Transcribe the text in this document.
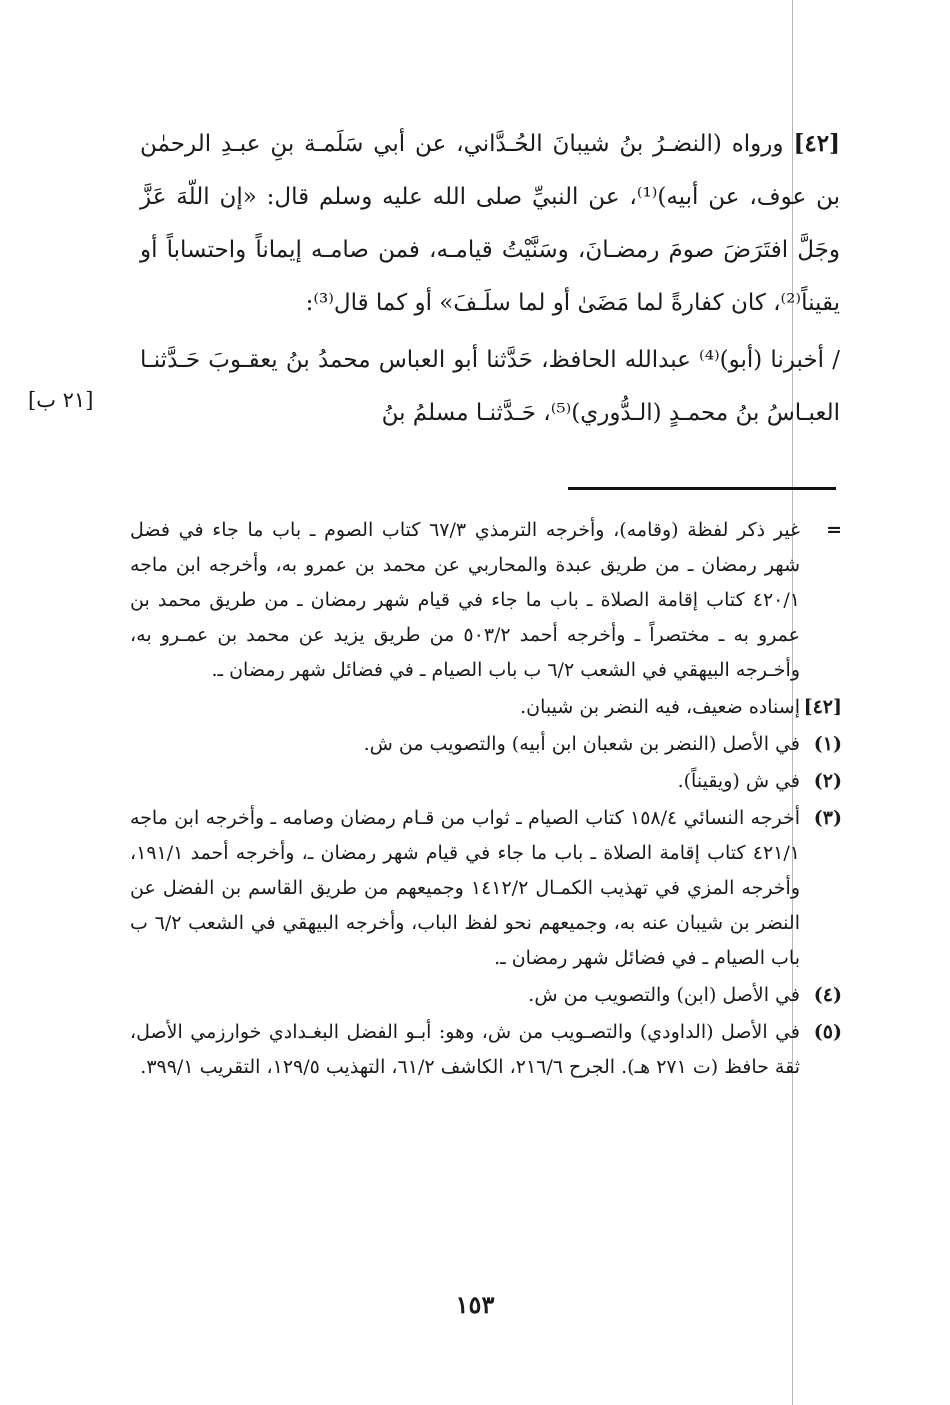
[٤٢]ورواه (النضـرُ بنُ شيبانَ الحُـدَّاني، عن أبي سَلَمـة بنِ عبـدِ الرحمٰن بن عوف، عن أبيه)⁽¹⁾، عن النبيِّ صلى الله عليه وسلم قال: «إن اللّهَ عَزَّ وجَلَّ افتَرَضَ صومَ رمضـانَ، وسَنَّيْتُ قيامـه، فمن صامـه إيماناً واحتساباً أو يقيناً⁽²⁾، كان كفارةً لما مَضَىٰ أو لما سلَـفَ» أو كما قال⁽³⁾:

/ أخبرنا (أبو)⁽⁴⁾ عبدالله الحافظ، حَدَّثنا أبو العباس محمدُ بنُ يعقـوبَ حَـدَّثنـا العبـاسُ بنُ محمـدٍ (الـدُّوري)⁽⁵⁾، حَـدَّثنـا مسلمُ بنُ

[٢١ ب]
=
غير ذكر لفظة (وقامه)، وأخرجه الترمذي ٦٧/٣ كتاب الصوم ـ باب ما جاء في فضل شهر رمضان ـ من طريق عبدة والمحاربي عن محمد بن عمرو به، وأخرجه ابن ماجه ٤٢٠/١ كتاب إقامة الصلاة ـ باب ما جاء في قيام شهر رمضان ـ من طريق محمد بن عمرو به ـ مختصراً ـ وأخرجه أحمد ٥٠٣/٢ من طريق يزيد عن محمد بن عمـرو به، وأخـرجه البيهقي في الشعب ٦/٢ ب باب الصيام ـ في فضائل شهر رمضان ـ.
[٤٢]
إسناده ضعيف، فيه النضر بن شيبان.
(١)
في الأصل (النضر بن شعبان ابن أبيه) والتصويب من ش.
(٢)
في ش (ويقيناً).
(٣)
أخرجه النسائي ١٥٨/٤ كتاب الصيام ـ ثواب من قـام رمضان وصامه ـ وأخرجه ابن ماجه ٤٢١/١ كتاب إقامة الصلاة ـ باب ما جاء في قيام شهر رمضان ـ، وأخرجه أحمد ١٩١/١، وأخرجه المزي في تهذيب الكمـال ١٤١٢/٢ وجميعهم من طريق القاسم بن الفضل عن النضر بن شيبان عنه به، وجميعهم نحو لفظ الباب، وأخرجه البيهقي في الشعب ٦/٢ ب باب الصيام ـ في فضائل شهر رمضان ـ.
(٤)
في الأصل (ابن) والتصويب من ش.
(٥)
في الأصل (الداودي) والتصـويب من ش، وهو: أبـو الفضل البغـدادي خوارزمي الأصل، ثقة حافظ (ت ٢٧١ هـ). الجرح ٢١٦/٦، الكاشف ٦١/٢، التهذيب ١٢٩/٥، التقريب ٣٩٩/١.
١٥٣
